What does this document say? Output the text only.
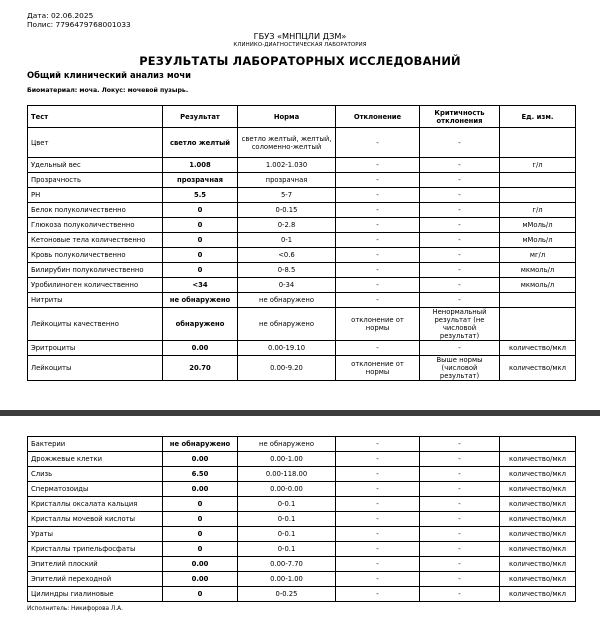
Дата: 02.06.2025
Полис: 7796479768001033
ГБУЗ «МНПЦЛИ ДЗМ»
КЛИНИКО-ДИАГНОСТИЧЕСКАЯ ЛАБОРАТОРИЯ
РЕЗУЛЬТАТЫ ЛАБОРАТОРНЫХ ИССЛЕДОВАНИЙ
Общий клинический анализ мочи
Биоматериал: моча. Локус: мочевой пузырь.
Тест	Результат	Норма	Отклонение	Критичность отклонения	Ед. изм.
Цвет	светло желтый	светло желтый, желтый, соломенно-желтый	-	-	
Удельный вес	1.008	1.002-1.030	-	-	г/л
Прозрачность	прозрачная	прозрачная	-	-	
PH	5.5	5-7	-	-	
Белок полуколичественно	0	0-0.15	-	-	г/л
Глюкоза полуколичественно	0	0-2.8	-	-	мМоль/л
Кетоновые тела количественно	0	0-1	-	-	мМоль/л
Кровь полуколичественно	0	<0.6	-	-	мг/л
Билирубин полуколичественно	0	0-8.5	-	-	мкмоль/л
Уробилиноген количественно	<34	0-34	-	-	мкмоль/л
Нитриты	не обнаружено	не обнаружено	-	-	
Лейкоциты качественно	обнаружено	не обнаружено	отклонение от нормы	Ненормальный результат (не числовой результат)	
Эритроциты	0.00	0.00-19.10	-	-	количество/мкл
Лейкоциты	20.70	0.00-9.20	отклонение от нормы	Выше нормы (числовой результат)	количество/мкл
Бактерии	не обнаружено	не обнаружено	-	-	
Дрожжевые клетки	0.00	0.00-1.00	-	-	количество/мкл
Слизь	6.50	0.00-118.00	-	-	количество/мкл
Сперматозоиды	0.00	0.00-0.00	-	-	количество/мкл
Кристаллы оксалата кальция	0	0-0.1	-	-	количество/мкл
Кристаллы мочевой кислоты	0	0-0.1	-	-	количество/мкл
Ураты	0	0-0.1	-	-	количество/мкл
Кристаллы трипельфосфаты	0	0-0.1	-	-	количество/мкл
Эпителий плоский	0.00	0.00-7.70	-	-	количество/мкл
Эпителий переходной	0.00	0.00-1.00	-	-	количество/мкл
Цилиндры гиалиновые	0	0-0.25	-	-	количество/мкл
Исполнитель: Никифорова Л.А.
